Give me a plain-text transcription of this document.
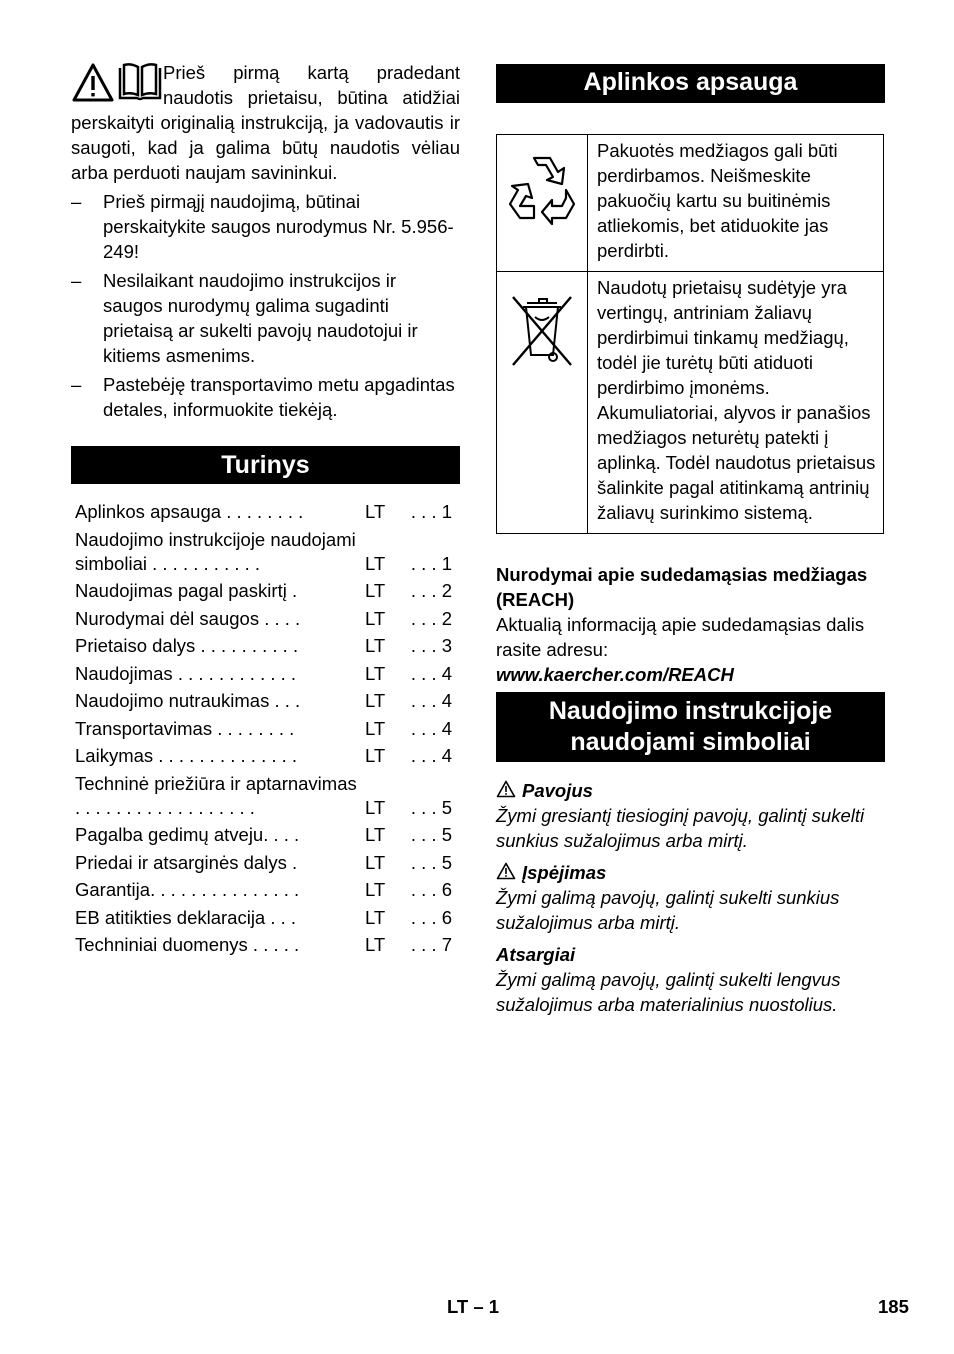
Prieš pirmą kartą pradedant naudotis prietaisu, būtina atidžiai perskaityti originalią instrukciją, ja vadovautis ir saugoti, kad ja galima būtų naudotis vėliau arba perduoti naujam savininkui.

– Prieš pirmąjį naudojimą, būtinai perskaitykite saugos nurodymus Nr. 5.956-249!
– Nesilaikant naudojimo instrukcijos ir saugos nurodymų galima sugadinti prietaisą ar sukelti pavojų naudotojui ir kitiems asmenims.
– Pastebėję transportavimo metu apgadintas detales, informuokite tiekėją.
Turinys
Aplinkos apsauga . . . . . . . .	LT . . . 1
Naudojimo instrukcijoje naudojami simboliai . . . . . . . . . . .	LT . . . 1
Naudojimas pagal paskirtį .	LT . . . 2
Nurodymai dėl saugos . . . .	LT . . . 2
Prietaiso dalys . . . . . . . . . .	LT . . . 3
Naudojimas . . . . . . . . . . . .	LT . . . 4
Naudojimo nutraukimas . . .	LT . . . 4
Transportavimas . . . . . . . .	LT . . . 4
Laikymas . . . . . . . . . . . . . .	LT . . . 4
Techninė priežiūra ir aptarnavimas . . . . . . . . . . . . . . . . . .	LT . . . 5
Pagalba gedimų atveju. . . .	LT . . . 5
Priedai ir atsarginės dalys .	LT . . . 5
Garantija. . . . . . . . . . . . . . .	LT . . . 6
EB atitikties deklaracija . . .	LT . . . 6
Techniniai duomenys . . . . .	LT . . . 7
Aplinkos apsauga
	Pakuotės medžiagos gali būti perdirbamos. Neišmeskite pakuočių kartu su buitinėmis atliekomis, bet atiduokite jas perdirbti.
	Naudotų prietaisų sudėtyje yra vertingų, antriniam žaliavų perdirbimui tinkamų medžiagų, todėl jie turėtų būti atiduoti perdirbimo įmonėms. Akumuliatoriai, alyvos ir panašios medžiagos neturėtų patekti į aplinką. Todėl naudotus prietaisus šalinkite pagal atitinkamą antrinių žaliavų surinkimo sistemą.

Nurodymai apie sudedamąsias medžiagas (REACH)

Aktualią informaciją apie sudedamąsias dalis rasite adresu:

www.kaercher.com/REACH

Naudojimo instrukcijoje naudojami simboliai

Pavojus

Žymi gresiantį tiesioginį pavojų, galintį sukelti sunkius sužalojimus arba mirtį.

Įspėjimas

Žymi galimą pavojų, galintį sukelti sunkius sužalojimus arba mirtį.

Atsargiai

Žymi galimą pavojų, galintį sukelti lengvus sužalojimus arba materialinius nuostolius.

LT – 1	185
